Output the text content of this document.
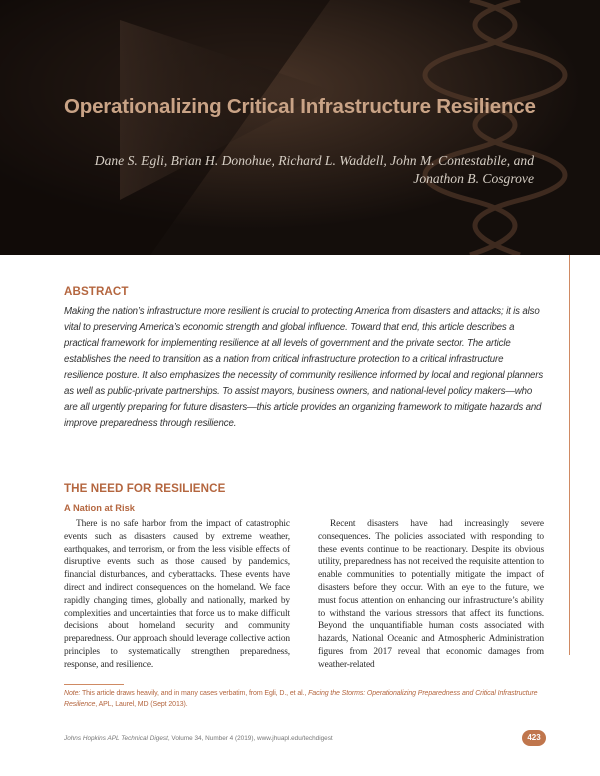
Operationalizing Critical Infrastructure Resilience
Dane S. Egli, Brian H. Donohue, Richard L. Waddell, John M. Contestabile, and
Jonathon B. Cosgrove
ABSTRACT
Making the nation’s infrastructure more resilient is crucial to protecting America from disasters and attacks; it is also vital to preserving America’s economic strength and global influence. Toward that end, this article describes a practical framework for implementing resilience at all levels of government and the private sector. The article establishes the need to transition as a nation from critical infrastructure protection to a critical infrastructure resilience posture. It also emphasizes the necessity of community resilience informed by local and regional planners as well as public-private partnerships. To assist mayors, business owners, and national-level policy makers—who are all urgently preparing for future disasters—this article provides an organizing framework to mitigate hazards and improve preparedness through resilience.
THE NEED FOR RESILIENCE
A Nation at Risk

There is no safe harbor from the impact of catastrophic events such as disasters caused by extreme weather, earthquakes, and terrorism, or from the less visible effects of disruptive events such as those caused by pandemics, financial disturbances, and cyberattacks. These events have direct and indirect consequences on the homeland. We face rapidly changing times, globally and nationally, marked by complexities and uncertainties that force us to make difficult decisions about homeland security and community preparedness. Our approach should leverage collective action principles to systematically strengthen preparedness, response, and resilience.

Recent disasters have had increasingly severe consequences. The policies associated with responding to these events continue to be reactionary. Despite its obvious utility, preparedness has not received the requisite attention to enable communities to potentially mitigate the impact of disasters before they occur. With an eye to the future, we must focus attention on enhancing our infrastructure’s ability to withstand the various stressors that affect its functions. Beyond the unquantifiable human costs associated with hazards, National Oceanic and Atmospheric Administration figures from 2017 reveal that economic damages from weather-related

Note: This article draws heavily, and in many cases verbatim, from Egli, D., et al., Facing the Storms: Operationalizing Preparedness and Critical Infrastructure Resilience, APL, Laurel, MD (Sept 2013).
Johns Hopkins APL Technical Digest, Volume 34, Number 4 (2019), www.jhuapl.edu/techdigest	423
